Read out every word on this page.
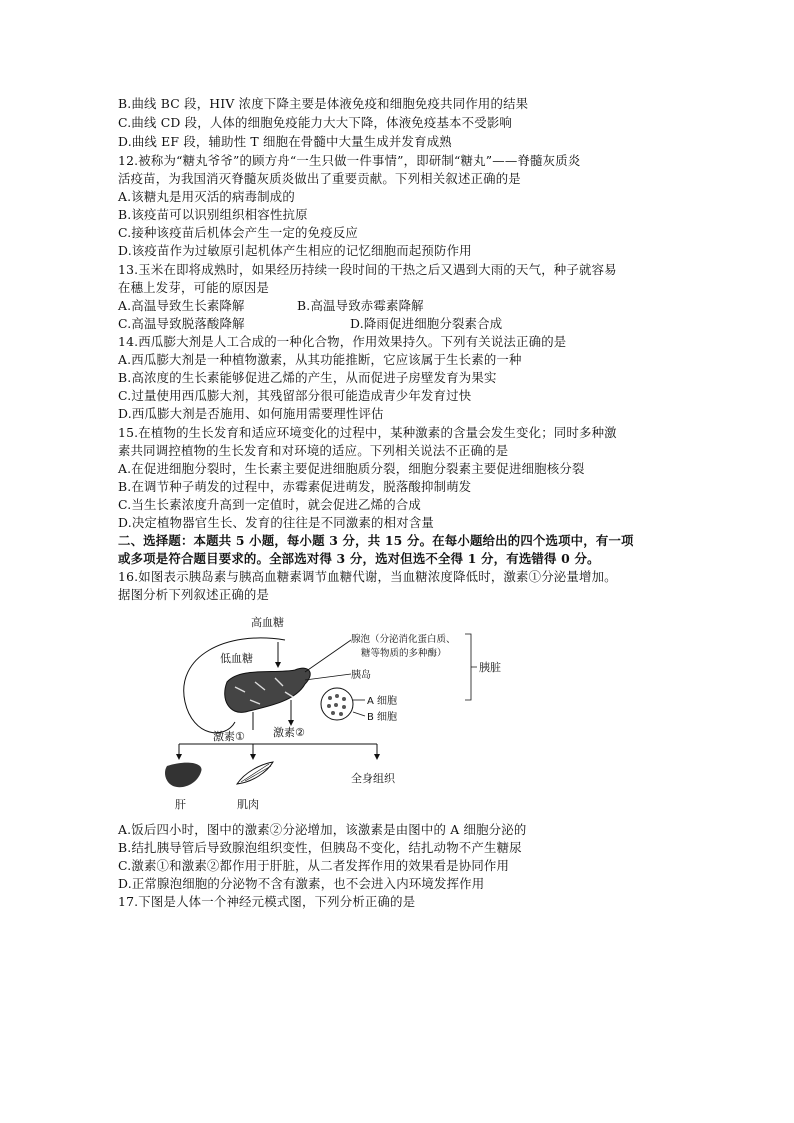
B.曲线 BC 段，HIV 浓度下降主要是体液免疫和细胞免疫共同作用的结果
C.曲线 CD 段，人体的细胞免疫能力大大下降，体液免疫基本不受影响
D.曲线 EF 段，辅助性 T 细胞在骨髓中大量生成并发育成熟
12.被称为“糖丸爷爷”的顾方舟“一生只做一件事情”，即研制“糖丸”——脊髓灰质炎
活疫苗，为我国消灭脊髓灰质炎做出了重要贡献。下列相关叙述正确的是
A.该糖丸是用灭活的病毒制成的
B.该疫苗可以识别组织相容性抗原
C.接种该疫苗后机体会产生一定的免疫反应
D.该疫苗作为过敏原引起机体产生相应的记忆细胞而起预防作用
13.玉米在即将成熟时，如果经历持续一段时间的干热之后又遇到大雨的天气，种子就容易
在穗上发芽，可能的原因是
A.高温导致生长素降解	B.高温导致赤霉素降解
C.高温导致脱落酸降解	D.降雨促进细胞分裂素合成
14.西瓜膨大剂是人工合成的一种化合物，作用效果持久。下列有关说法正确的是
A.西瓜膨大剂是一种植物激素，从其功能推断，它应该属于生长素的一种
B.高浓度的生长素能够促进乙烯的产生，从而促进子房壁发育为果实
C.过量使用西瓜膨大剂，其残留部分很可能造成青少年发育过快
D.西瓜膨大剂是否施用、如何施用需要理性评估
15.在植物的生长发育和适应环境变化的过程中，某种激素的含量会发生变化；同时多种激
素共同调控植物的生长发育和对环境的适应。下列相关说法不正确的是
A.在促进细胞分裂时，生长素主要促进细胞质分裂，细胞分裂素主要促进细胞核分裂
B.在调节种子萌发的过程中，赤霉素促进萌发，脱落酸抑制萌发
C.当生长素浓度升高到一定值时，就会促进乙烯的合成
D.决定植物器官生长、发育的往往是不同激素的相对含量
二、选择题：本题共 5 小题，每小题 3 分，共 15 分。在每小题给出的四个选项中，有一项
或多项是符合题目要求的。全部选对得 3 分，选对但选不全得 1 分，有选错得 0 分。
16.如图表示胰岛素与胰高血糖素调节血糖代谢，当血糖浓度降低时，激素①分泌量增加。
据图分析下列叙述正确的是
高血糖
低血糖
腺泡（分泌消化蛋白质、
糖等物质的多种酶）
胰脏
胰岛
A 细胞
B 细胞
激素①	激素②
肝	肌肉
全身组织
A.饭后四小时，图中的激素②分泌增加，该激素是由图中的 A 细胞分泌的
B.结扎胰导管后导致腺泡组织变性，但胰岛不变化，结扎动物不产生糖尿
C.激素①和激素②都作用于肝脏，从二者发挥作用的效果看是协同作用
D.正常腺泡细胞的分泌物不含有激素，也不会进入内环境发挥作用
17.下图是人体一个神经元模式图，下列分析正确的是
